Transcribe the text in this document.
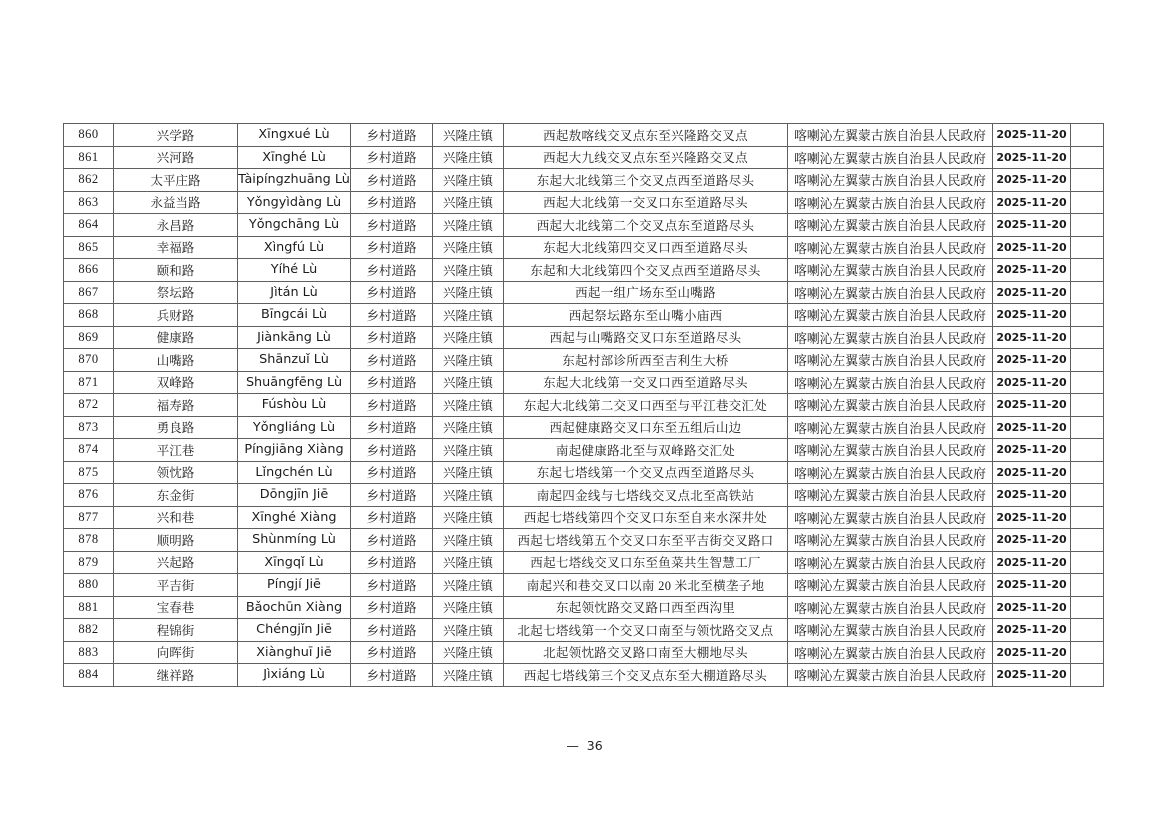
860	兴学路	Xīngxué Lù	乡村道路	兴隆庄镇	西起敖喀线交叉点东至兴隆路交叉点	喀喇沁左翼蒙古族自治县人民政府	2025-11-20	
861	兴河路	Xīnghé Lù	乡村道路	兴隆庄镇	西起大九线交叉点东至兴隆路交叉点	喀喇沁左翼蒙古族自治县人民政府	2025-11-20	
862	太平庄路	Tàipíngzhuāng Lù	乡村道路	兴隆庄镇	东起大北线第三个交叉点西至道路尽头	喀喇沁左翼蒙古族自治县人民政府	2025-11-20	
863	永益当路	Yǒngyìdàng Lù	乡村道路	兴隆庄镇	西起大北线第一交叉口东至道路尽头	喀喇沁左翼蒙古族自治县人民政府	2025-11-20	
864	永昌路	Yǒngchāng Lù	乡村道路	兴隆庄镇	西起大北线第二个交叉点东至道路尽头	喀喇沁左翼蒙古族自治县人民政府	2025-11-20	
865	幸福路	Xìngfú Lù	乡村道路	兴隆庄镇	东起大北线第四交叉口西至道路尽头	喀喇沁左翼蒙古族自治县人民政府	2025-11-20	
866	颐和路	Yíhé Lù	乡村道路	兴隆庄镇	东起和大北线第四个交叉点西至道路尽头	喀喇沁左翼蒙古族自治县人民政府	2025-11-20	
867	祭坛路	Jìtán Lù	乡村道路	兴隆庄镇	西起一组广场东至山嘴路	喀喇沁左翼蒙古族自治县人民政府	2025-11-20	
868	兵财路	Bīngcái Lù	乡村道路	兴隆庄镇	西起祭坛路东至山嘴小庙西	喀喇沁左翼蒙古族自治县人民政府	2025-11-20	
869	健康路	Jiànkāng Lù	乡村道路	兴隆庄镇	西起与山嘴路交叉口东至道路尽头	喀喇沁左翼蒙古族自治县人民政府	2025-11-20	
870	山嘴路	Shānzuǐ Lù	乡村道路	兴隆庄镇	东起村部诊所西至吉利生大桥	喀喇沁左翼蒙古族自治县人民政府	2025-11-20	
871	双峰路	Shuāngfēng Lù	乡村道路	兴隆庄镇	东起大北线第一交叉口西至道路尽头	喀喇沁左翼蒙古族自治县人民政府	2025-11-20	
872	福寿路	Fúshòu Lù	乡村道路	兴隆庄镇	东起大北线第二交叉口西至与平江巷交汇处	喀喇沁左翼蒙古族自治县人民政府	2025-11-20	
873	勇良路	Yǒngliáng Lù	乡村道路	兴隆庄镇	西起健康路交叉口东至五组后山边	喀喇沁左翼蒙古族自治县人民政府	2025-11-20	
874	平江巷	Píngjiāng Xiàng	乡村道路	兴隆庄镇	南起健康路北至与双峰路交汇处	喀喇沁左翼蒙古族自治县人民政府	2025-11-20	
875	领忱路	Lǐngchén Lù	乡村道路	兴隆庄镇	东起七塔线第一个交叉点西至道路尽头	喀喇沁左翼蒙古族自治县人民政府	2025-11-20	
876	东金街	Dōngjīn Jiē	乡村道路	兴隆庄镇	南起四金线与七塔线交叉点北至高铁站	喀喇沁左翼蒙古族自治县人民政府	2025-11-20	
877	兴和巷	Xīnghé Xiàng	乡村道路	兴隆庄镇	西起七塔线第四个交叉口东至自来水深井处	喀喇沁左翼蒙古族自治县人民政府	2025-11-20	
878	顺明路	Shùnmíng Lù	乡村道路	兴隆庄镇	西起七塔线第五个交叉口东至平吉街交叉路口	喀喇沁左翼蒙古族自治县人民政府	2025-11-20	
879	兴起路	Xīngqǐ Lù	乡村道路	兴隆庄镇	西起七塔线交叉口东至鱼菜共生智慧工厂	喀喇沁左翼蒙古族自治县人民政府	2025-11-20	
880	平吉街	Píngjí Jiē	乡村道路	兴隆庄镇	南起兴和巷交叉口以南 20 米北至横垄子地	喀喇沁左翼蒙古族自治县人民政府	2025-11-20	
881	宝春巷	Bǎochūn Xiàng	乡村道路	兴隆庄镇	东起领忱路交叉路口西至西沟里	喀喇沁左翼蒙古族自治县人民政府	2025-11-20	
882	程锦街	Chéngjǐn Jiē	乡村道路	兴隆庄镇	北起七塔线第一个交叉口南至与领忱路交叉点	喀喇沁左翼蒙古族自治县人民政府	2025-11-20	
883	向晖街	Xiànghuī Jiē	乡村道路	兴隆庄镇	北起领忱路交叉路口南至大棚地尽头	喀喇沁左翼蒙古族自治县人民政府	2025-11-20	
884	继祥路	Jìxiáng Lù	乡村道路	兴隆庄镇	西起七塔线第三个交叉点东至大棚道路尽头	喀喇沁左翼蒙古族自治县人民政府	2025-11-20	
—  36
